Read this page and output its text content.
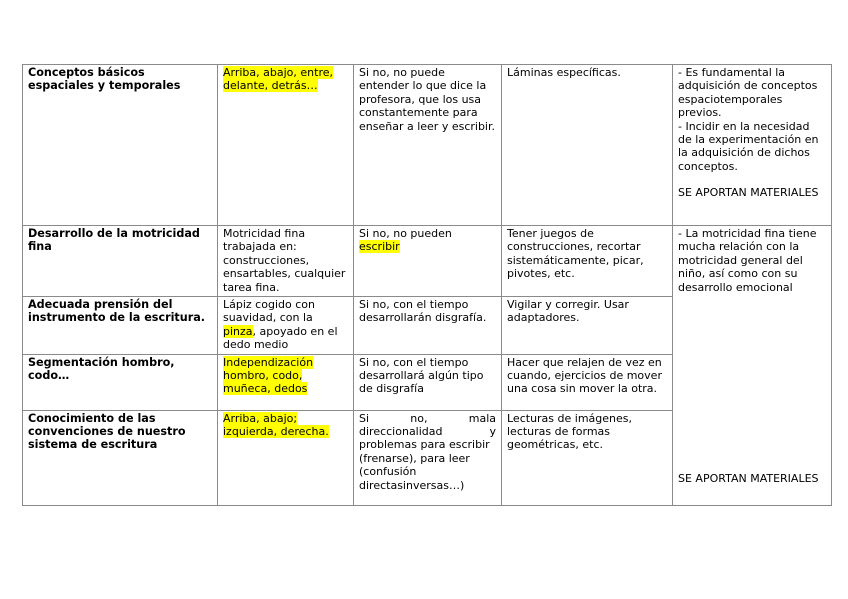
Conceptos básicos espaciales y temporales	Arriba, abajo, entre, delante, detrás…	Si no, no puede entender lo que dice la profesora, que los usa constantemente para enseñar a leer y escribir.	Láminas específicas.	- Es fundamental la adquisición de conceptos espaciotemporales previos.
- Incidir en la necesidad de la experimentación en la adquisición de dichos conceptos.
SE APORTAN MATERIALES

Desarrollo de la motricidad fina	Motricidad fina trabajada en: construcciones, ensartables, cualquier tarea fina.	Si no, no pueden
escribir	Tener juegos de construcciones, recortar sistemáticamente, picar, pivotes, etc.	- La motricidad fina tiene mucha relación con la motricidad general del niño, así como con su desarrollo emocional
SE APORTAN MATERIALES

Adecuada prensión del instrumento de la escritura.	Lápiz cogido con suavidad, con la pinza, apoyado en el dedo medio	Si no, con el tiempo desarrollarán disgrafía.	Vigilar y corregir. Usar adaptadores.	
Segmentación hombro, codo…	Independización hombro, codo, muñeca, dedos	Si no, con el tiempo desarrollará algún tipo de disgrafía	Hacer que relajen de vez en cuando, ejercicios de mover una cosa sin mover la otra.	
Conocimiento de las convenciones de nuestro sistema de escritura	Arriba, abajo; izquierda, derecha.	Si no, mala direccionalidad y problemas para escribir
(frenarse), para leer (confusión directasinversas…)	Lecturas de imágenes, lecturas de formas geométricas, etc.	
